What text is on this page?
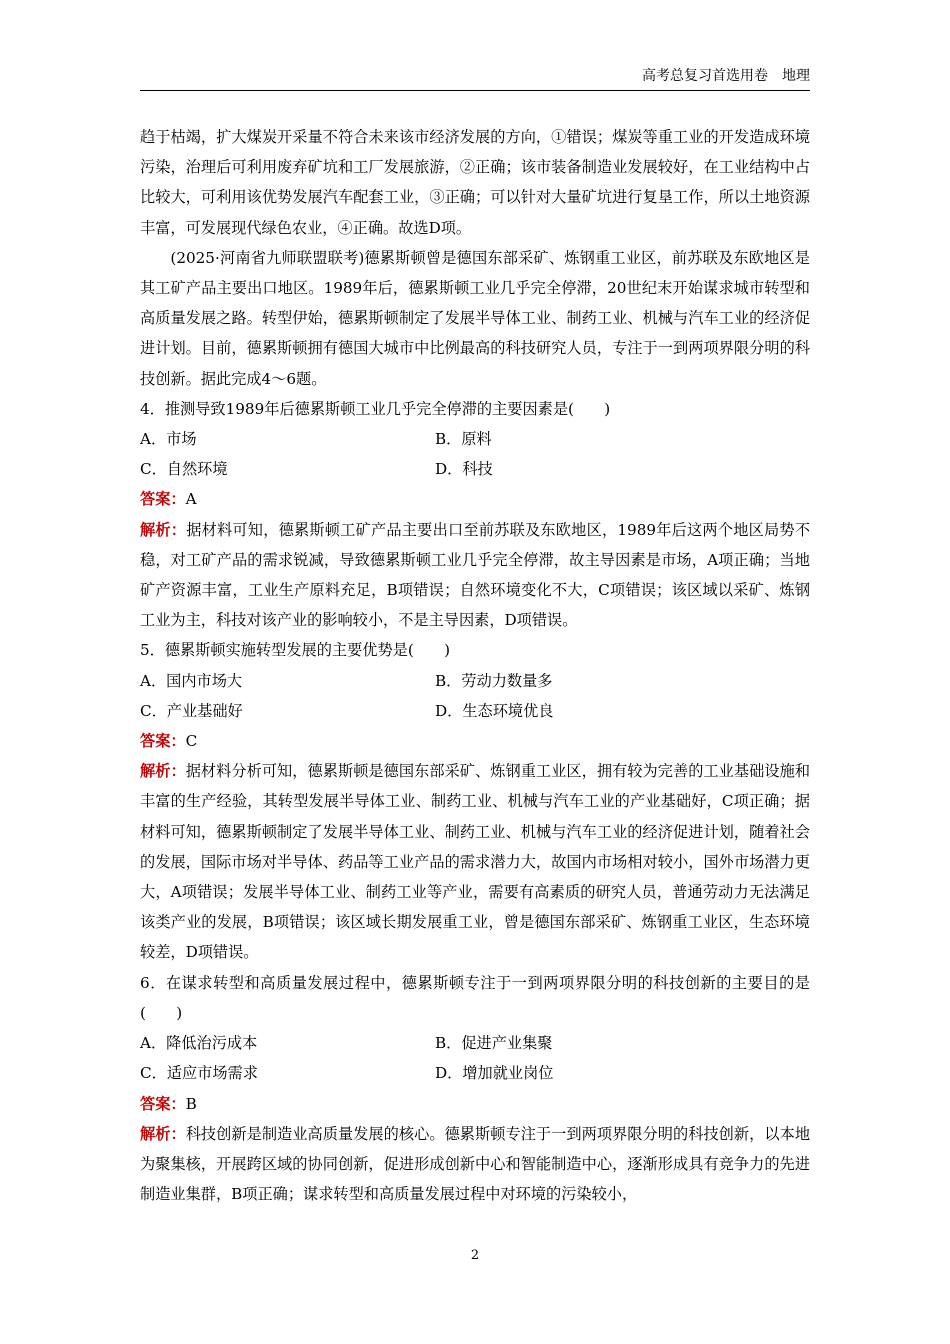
高考总复习首选用卷　地理

趋于枯竭，扩大煤炭开采量不符合未来该市经济发展的方向，①错误；煤炭等重工业的开发造成环境污染，治理后可利用废弃矿坑和工厂发展旅游，②正确；该市装备制造业发展较好，在工业结构中占比较大，可利用该优势发展汽车配套工业，③正确；可以针对大量矿坑进行复垦工作，所以土地资源丰富，可发展现代绿色农业，④正确。故选D项。

(2025·河南省九师联盟联考)德累斯顿曾是德国东部采矿、炼钢重工业区，前苏联及东欧地区是其工矿产品主要出口地区。1989年后，德累斯顿工业几乎完全停滞，20世纪末开始谋求城市转型和高质量发展之路。转型伊始，德累斯顿制定了发展半导体工业、制药工业、机械与汽车工业的经济促进计划。目前，德累斯顿拥有德国大城市中比例最高的科技研究人员，专注于一到两项界限分明的科技创新。据此完成4～6题。

4．推测导致1989年后德累斯顿工业几乎完全停滞的主要因素是(　　)

A．市场	B．原料
C．自然环境	D．科技

答案：A

解析：据材料可知，德累斯顿工矿产品主要出口至前苏联及东欧地区，1989年后这两个地区局势不稳，对工矿产品的需求锐减，导致德累斯顿工业几乎完全停滞，故主导因素是市场，A项正确；当地矿产资源丰富，工业生产原料充足，B项错误；自然环境变化不大，C项错误；该区域以采矿、炼钢工业为主，科技对该产业的影响较小，不是主导因素，D项错误。

5．德累斯顿实施转型发展的主要优势是(　　)

A．国内市场大	B．劳动力数量多
C．产业基础好	D．生态环境优良

答案：C

解析：据材料分析可知，德累斯顿是德国东部采矿、炼钢重工业区，拥有较为完善的工业基础设施和丰富的生产经验，其转型发展半导体工业、制药工业、机械与汽车工业的产业基础好，C项正确；据材料可知，德累斯顿制定了发展半导体工业、制药工业、机械与汽车工业的经济促进计划，随着社会的发展，国际市场对半导体、药品等工业产品的需求潜力大，故国内市场相对较小，国外市场潜力更大，A项错误；发展半导体工业、制药工业等产业，需要有高素质的研究人员，普通劳动力无法满足该类产业的发展，B项错误；该区域长期发展重工业，曾是德国东部采矿、炼钢重工业区，生态环境较差，D项错误。

6．在谋求转型和高质量发展过程中，德累斯顿专注于一到两项界限分明的科技创新的主要目的是(　　)

A．降低治污成本	B．促进产业集聚
C．适应市场需求	D．增加就业岗位

答案：B

解析：科技创新是制造业高质量发展的核心。德累斯顿专注于一到两项界限分明的科技创新，以本地为聚集核，开展跨区域的协同创新，促进形成创新中心和智能制造中心，逐渐形成具有竞争力的先进制造业集群，B项正确；谋求转型和高质量发展过程中对环境的污染较小，

2
